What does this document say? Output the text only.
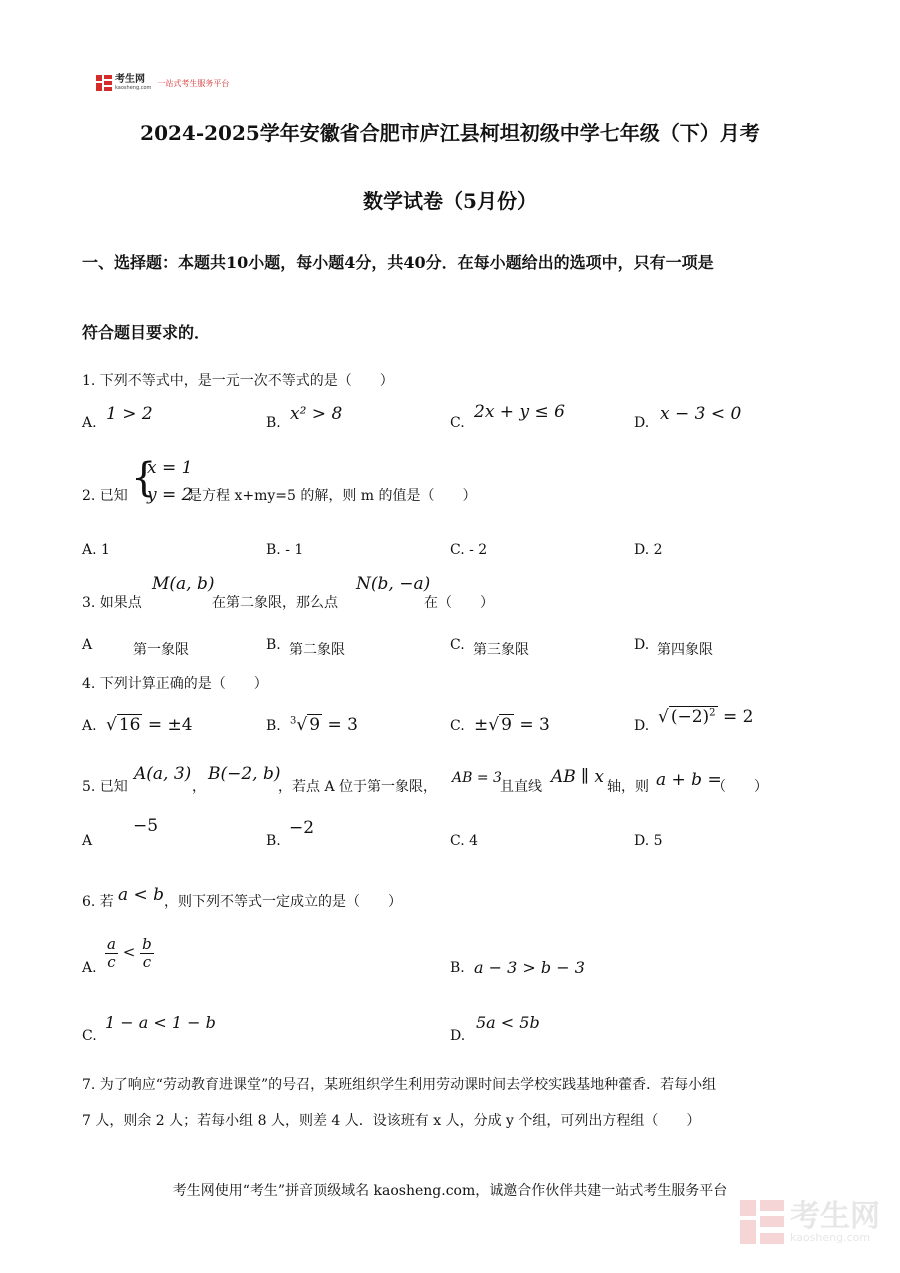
考生网
kaosheng.com
一站式考生服务平台
2024-2025学年安徽省合肥市庐江县柯坦初级中学七年级（下）月考
数学试卷（5月份）
一、选择题：本题共10小题，每小题4分，共40分．在每小题给出的选项中，只有一项是
符合题目要求的．
1. 下列不等式中，是一元一次不等式的是（　　）
A. 1 > 2	B. x² > 8	C.
2x + y ≤ 6
D. x − 3 < 0
2. 已知 {
x = 1
y = 2
是方程 x+my=5 的解，则 m 的值是（　　）
A. 1	B. - 1	C. - 2	D. 2
3. 如果点
M(a, b)
在第二象限，那么点
N(b, −a)
在（　　）
A	第一象限	B. 第二象限	C. 第三象限	D. 第四象限
4. 下列计算正确的是（　　）
A. √ 16 = ±4	B. $^3$√ 9 = 3	C. ±√ 9 = 3	D. √ $(-2)^2 = 2$
5. 已知
A(a, 3)
，
B(−2, b)
，若点 A 位于第一象限，
AB = 3
且直线 AB ∥ x 轴，则 a + b =
（　　）
A
−5
B.
−2
C. 4	D. 5
6. 若 a < b ，则下列不等式一定成立的是（　　）
A. $\frac{a}{c} < \frac{b}{c}$	B. a − 3 > b − 3
C.
1 − a < 1 − b
D.
5a < 5b
7. 为了响应“劳动教育进课堂”的号召，某班组织学生利用劳动课时间去学校实践基地种藿香．若每小组
7 人，则余 2 人；若每小组 8 人，则差 4 人．设该班有 x 人，分成 y 个组，可列出方程组（　　）
考生网使用“考生”拼音顶级域名 kaosheng.com，诚邀合作伙伴共建一站式考生服务平台
考生网
kaosheng.com
